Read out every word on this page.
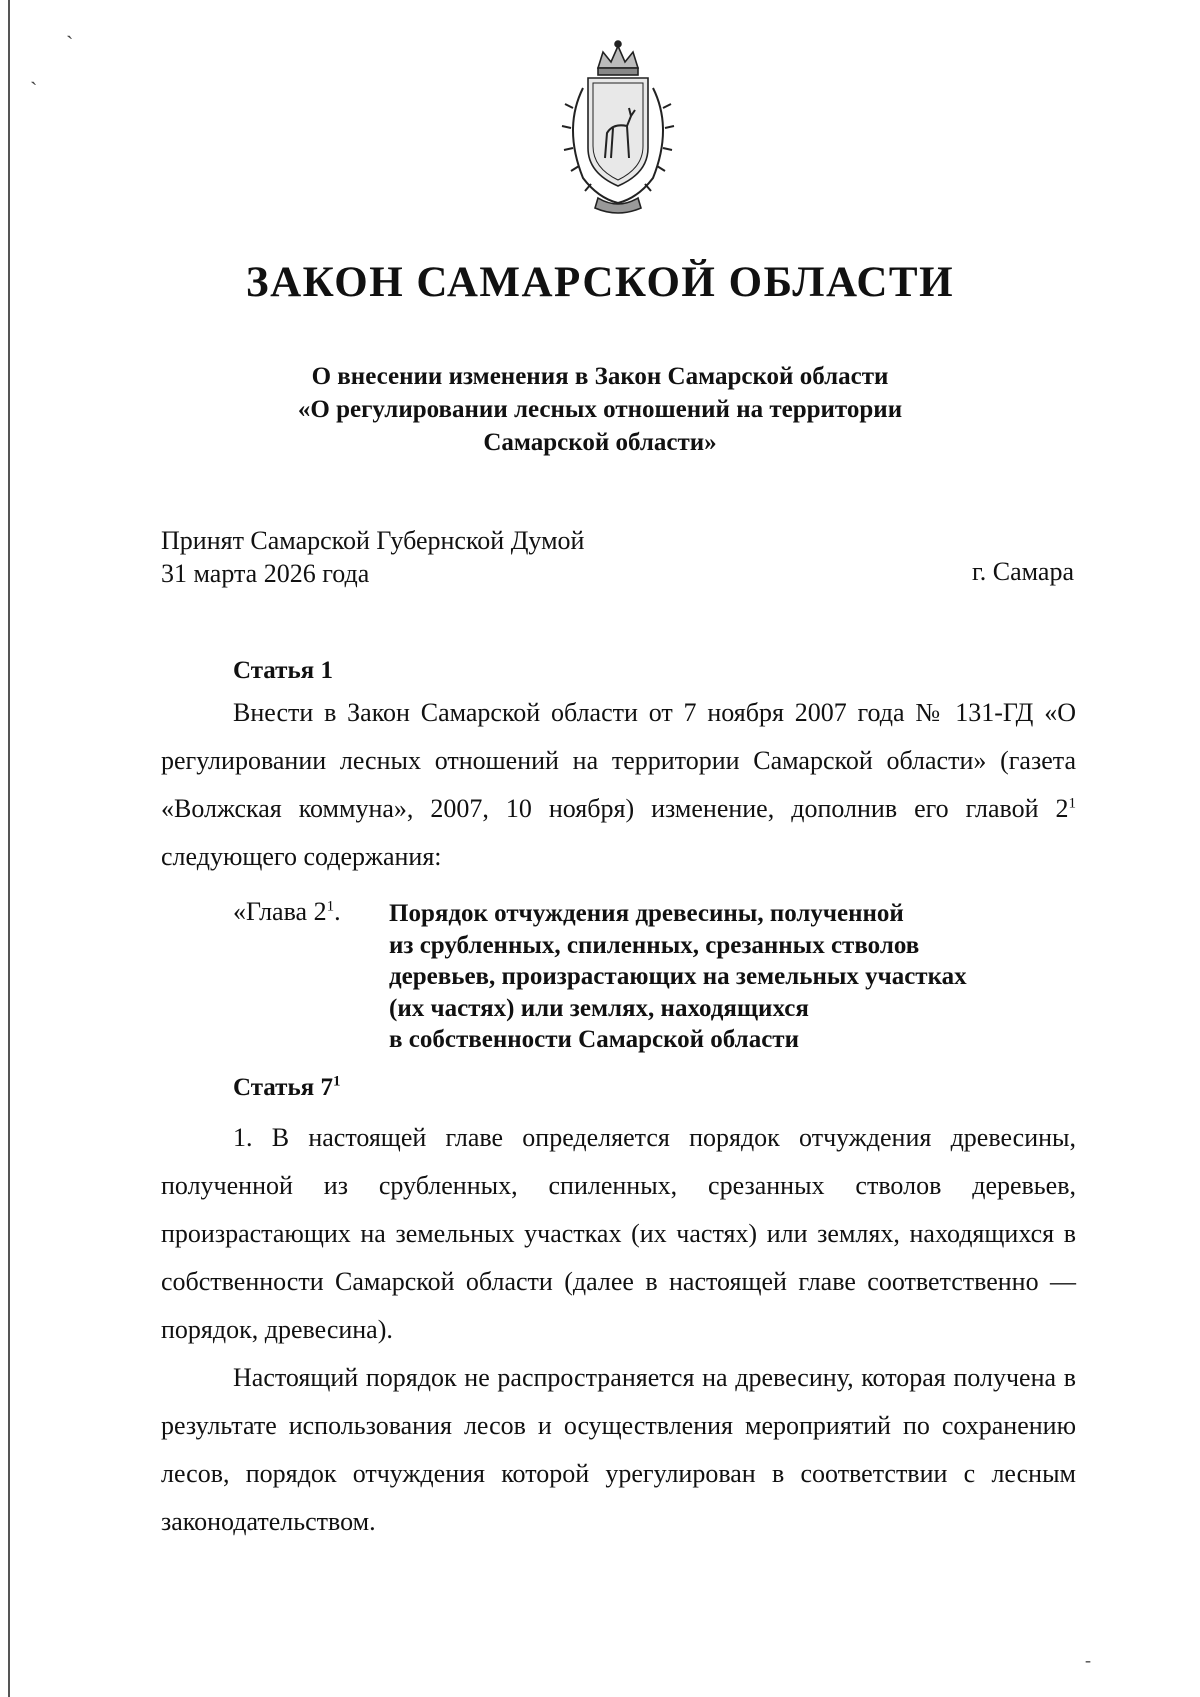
ˏ
ˏ
ЗАКОН САМАРСКОЙ ОБЛАСТИ
О внесении изменения в Закон Самарской области
«О регулировании лесных отношений на территории
Самарской области»
Принят Самарской Губернской Думой
31 марта 2026 года	г. Самара
Статья 1
Внести в Закон Самарской области от 7 ноября 2007 года № 131-ГД «О регулировании лесных отношений на территории Самарской области» (газета «Волжская коммуна», 2007, 10 ноября) изменение, дополнив его главой $2^1$ следующего содержания:
«Глава $2^1$. Порядок отчуждения древесины, полученной
из срубленных, спиленных, срезанных стволов
деревьев, произрастающих на земельных участках
(их частях) или землях, находящихся
в собственности Самарской области
Статья $7^1$
1. В настоящей главе определяется порядок отчуждения древесины, полученной из срубленных, спиленных, срезанных стволов деревьев, произрастающих на земельных участках (их частях) или землях, находящихся в собственности Самарской области (далее в настоящей главе соответственно — порядок, древесина).
Настоящий порядок не распространяется на древесину, которая получена в результате использования лесов и осуществления мероприятий по сохранению лесов, порядок отчуждения которой урегулирован в соответствии с лесным законодательством.
-
